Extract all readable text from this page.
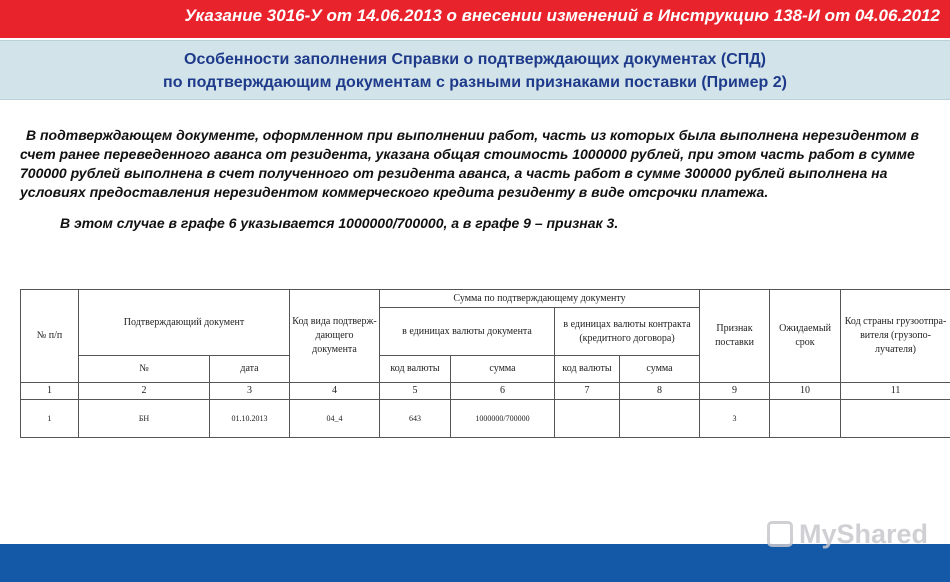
Указание 3016-У от 14.06.2013 о внесении изменений в Инструкцию 138-И от 04.06.2012
Особенности заполнения Справки о подтверждающих документах (СПД)
по подтверждающим документам с разными признаками поставки (Пример 2)
В подтверждающем документе, оформленном при выполнении работ, часть из которых была выполнена нерезидентом в счет ранее переведенного аванса от резидента, указана общая стоимость 1000000 рублей, при этом часть работ в сумме 700000 рублей выполнена в счет полученного от резидента аванса, а часть работ в сумме 300000 рублей выполнена на условиях предоставления нерезидентом коммерческого кредита резиденту в виде отсрочки платежа.
В этом случае в графе 6 указывается 1000000/700000, а в графе 9 – признак 3.
№ п/п	Подтверждающий документ		Код вида подтверж-дающего документа	Сумма по подтверждающему документу				Признак поставки	Ожидаемый срок	Код страны грузоотпра-вителя (грузопо-лучателя)
				в единицах валюты документа		в единицах валюты контракта (кредитного договора)				
	№	дата		код валюты	сумма	код валюты	сумма			
1	2	3	4	5	6	7	8	9	10	11
1	БН	01.10.2013	04_4	643	1000000/700000			3		
MyShared
